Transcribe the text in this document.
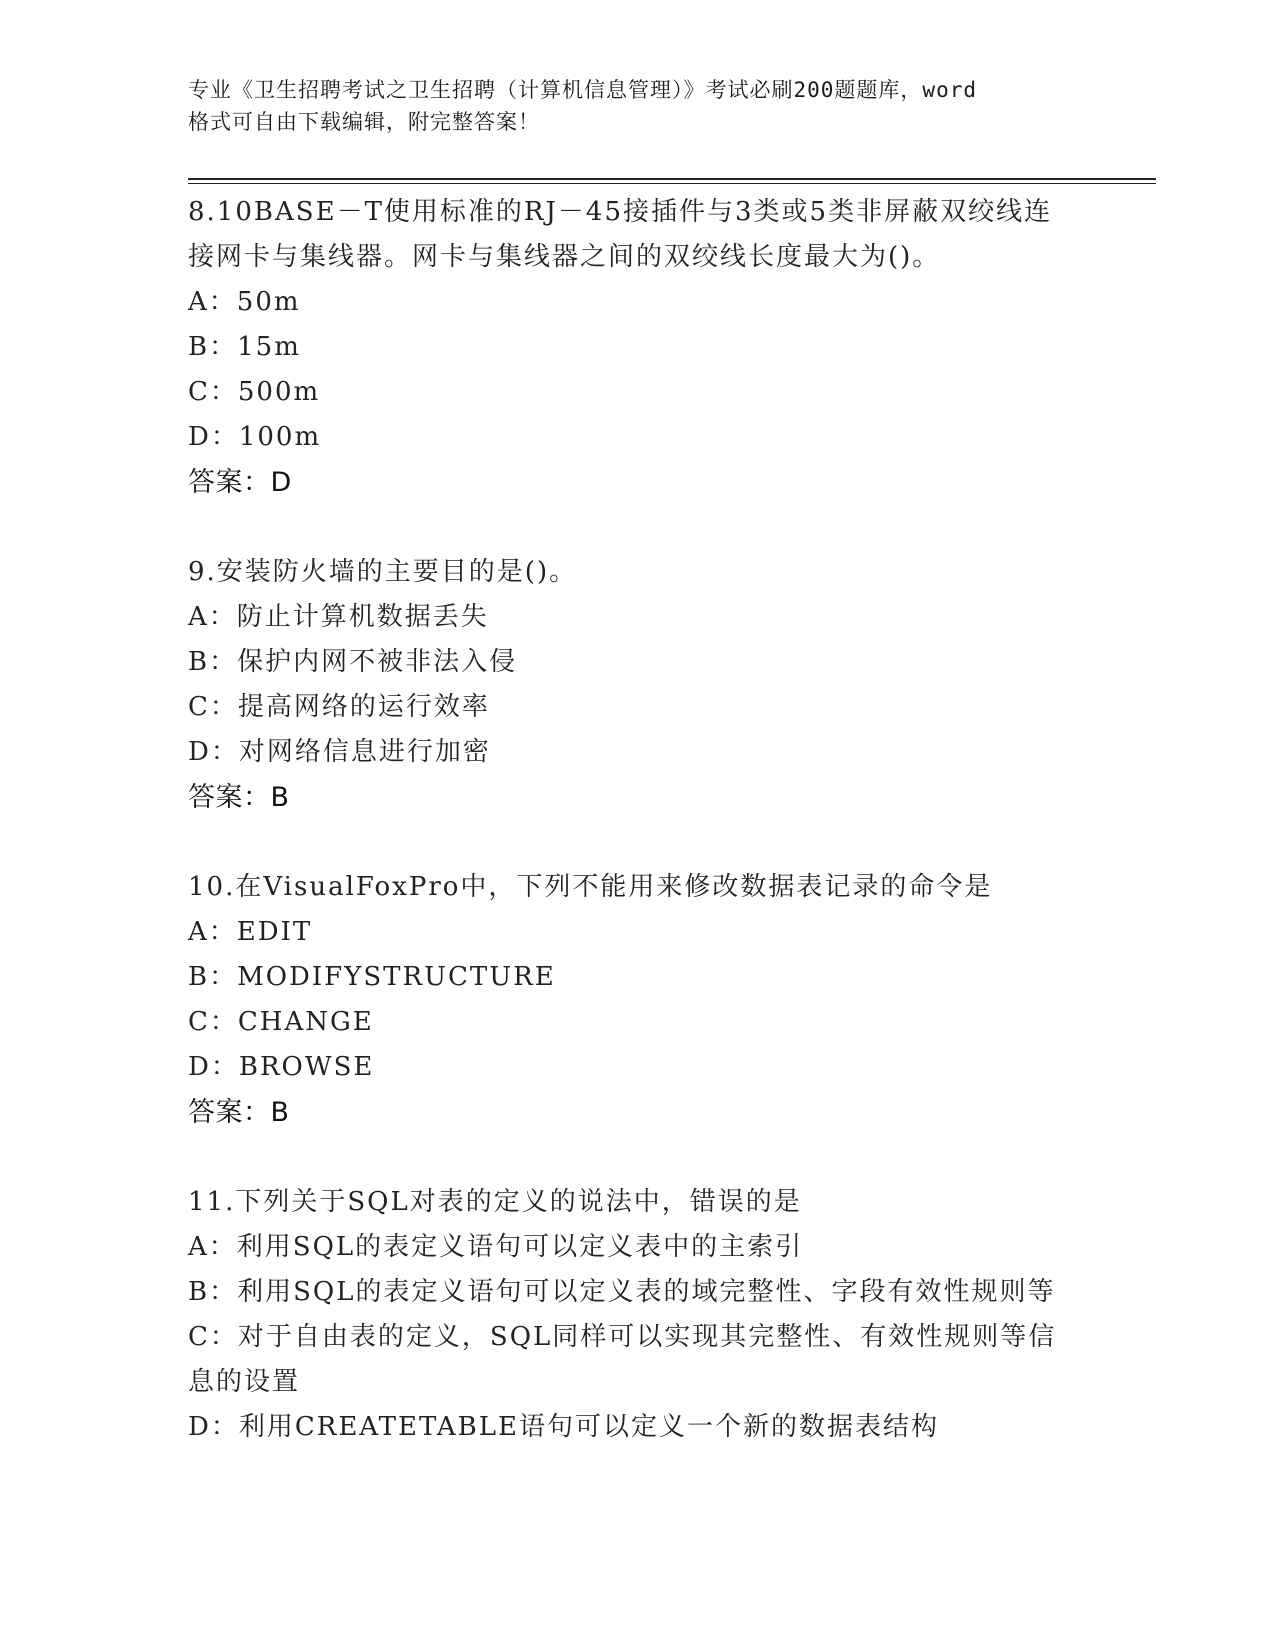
专业《卫生招聘考试之卫生招聘（计算机信息管理）》考试必刷200题题库，word
格式可自由下载编辑，附完整答案！

8.10BASE－T使用标准的RJ－45接插件与3类或5类非屏蔽双绞线连

接网卡与集线器。网卡与集线器之间的双绞线长度最大为()。

A：50m

B：15m

C：500m

D：100m

答案：D

9.安装防火墙的主要目的是()。

A：防止计算机数据丢失

B：保护内网不被非法入侵

C：提高网络的运行效率

D：对网络信息进行加密

答案：B

10.在VisualFoxPro中，下列不能用来修改数据表记录的命令是

A：EDIT

B：MODIFYSTRUCTURE

C：CHANGE

D：BROWSE

答案：B

11.下列关于SQL对表的定义的说法中，错误的是

A：利用SQL的表定义语句可以定义表中的主索引

B：利用SQL的表定义语句可以定义表的域完整性、字段有效性规则等

C：对于自由表的定义，SQL同样可以实现其完整性、有效性规则等信

息的设置

D：利用CREATETABLE语句可以定义一个新的数据表结构
